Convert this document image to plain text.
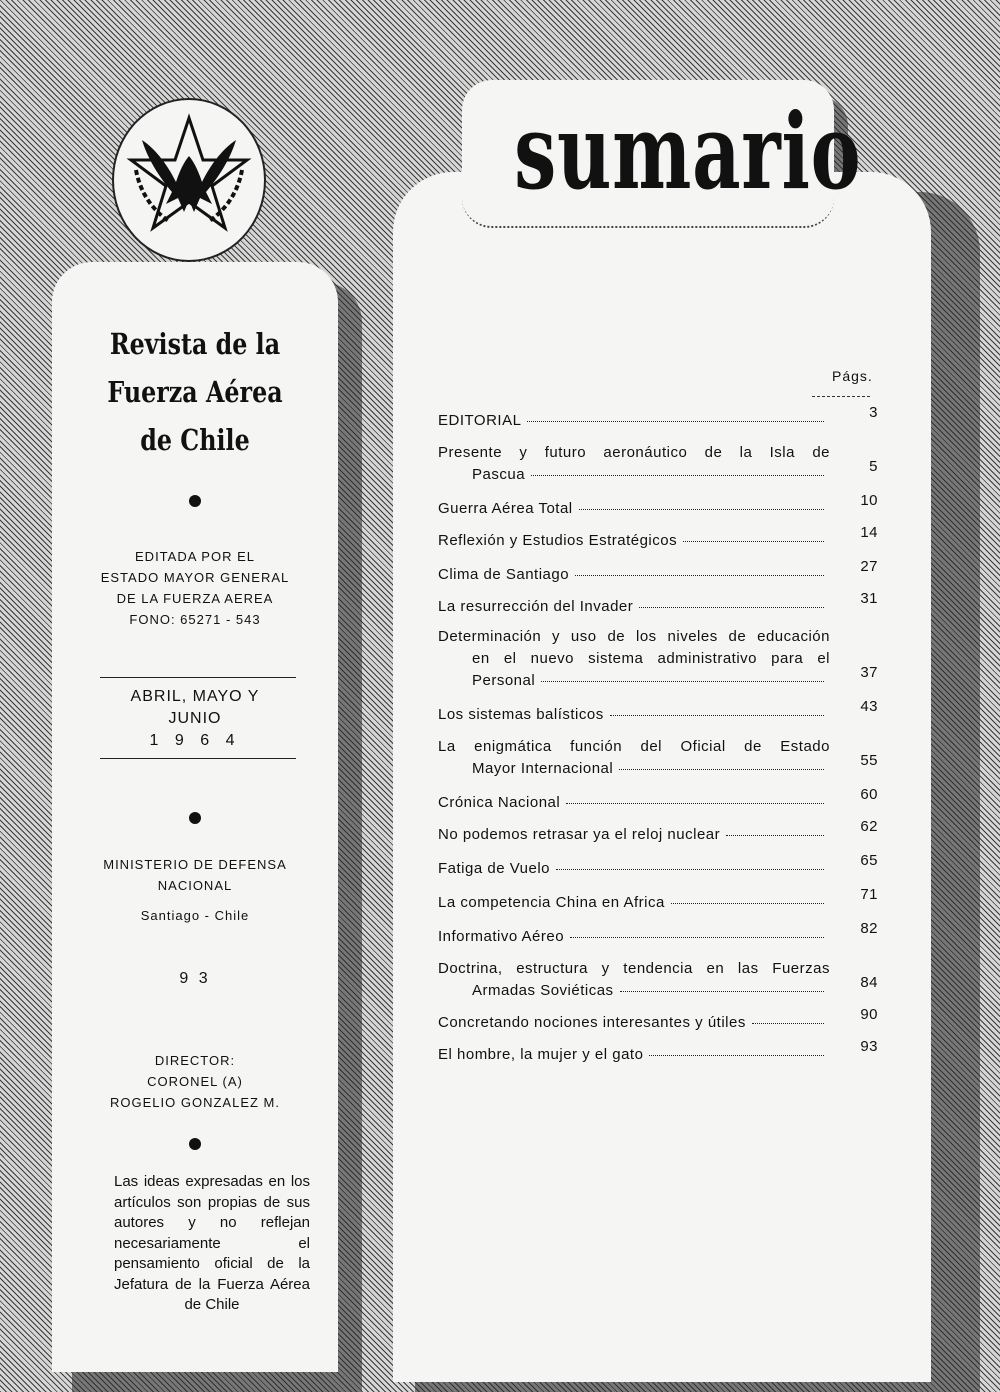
Revista de la
Fuerza Aérea
de Chile
EDITADA POR EL
ESTADO MAYOR GENERAL
DE LA FUERZA AEREA
FONO: 65271 - 543
ABRIL, MAYO Y
JUNIO
1 9 6 4
MINISTERIO DE DEFENSA
NACIONAL
Santiago - Chile
9 3
DIRECTOR:
CORONEL (A)
ROGELIO GONZALEZ M.
Las ideas expresadas en los artículos son propias de sus autores y no reflejan necesariamente el pensamiento oficial de la Jefatura de la Fuerza Aérea de Chile
sumario
Págs.
EDITORIAL	3
Presente y futuro aeronáutico de la Isla de
Pascua	5
Guerra Aérea Total	10
Reflexión y Estudios Estratégicos	14
Clima de Santiago	27
La resurrección del Invader	31
Determinación y uso de los niveles de educación
en el nuevo sistema administrativo para el
Personal	37
Los sistemas balísticos	43
La enigmática función del Oficial de Estado
Mayor Internacional	55
Crónica Nacional	60
No podemos retrasar ya el reloj nuclear	62
Fatiga de Vuelo	65
La competencia China en Africa	71
Informativo Aéreo	82
Doctrina, estructura y tendencia en las Fuerzas
Armadas Soviéticas	84
Concretando nociones interesantes y útiles	90
El hombre, la mujer y el gato	93
